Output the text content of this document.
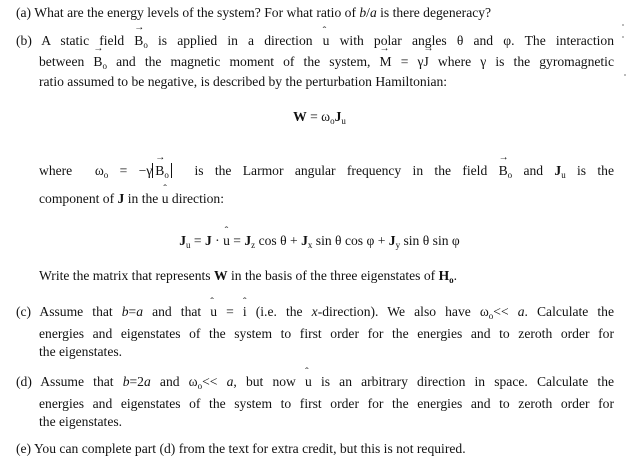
(a) What are the energy levels of the system? For what ratio of b/a is there degeneracy?
(b) A static field → $B_o$ is applied in a direction ˆ u with polar angles θ and φ. The interaction
between → $B_o$ and the magnetic moment of the system, → M = γ→ J where γ is the gyromagnetic
ratio assumed to be negative, is described by the perturbation Hamiltonian:
$W = \omega_oJ_u$
where  $\omega_o = -\gamma\to B_o$  is the Larmor angular frequency in the field → $B_o$ and $J_u$ is the
component of J in the ˆ u direction:
$J_u = J$ · ˆ $u = J_z$ $\cos \theta + J_x$ sin θ $\cos \varphi + J_y$ sin θ sin φ
Write the matrix that represents W in the basis of the three eigenstates of $H_o$.
(c) Assume that b=a and that ˆ u = ˆ i (i.e. the x-direction). We also have $\omega_o<< a$. Calculate the
energies and eigenstates of the system to first order for the energies and to zeroth order for
the eigenstates.
(d) Assume that b=2a and $\omega_o<< a$, but now ˆ u is an arbitrary direction in space. Calculate the
energies and eigenstates of the system to first order for the energies and to zeroth order for
the eigenstates.
(e) You can complete part (d) from the text for extra credit, but this is not required.
